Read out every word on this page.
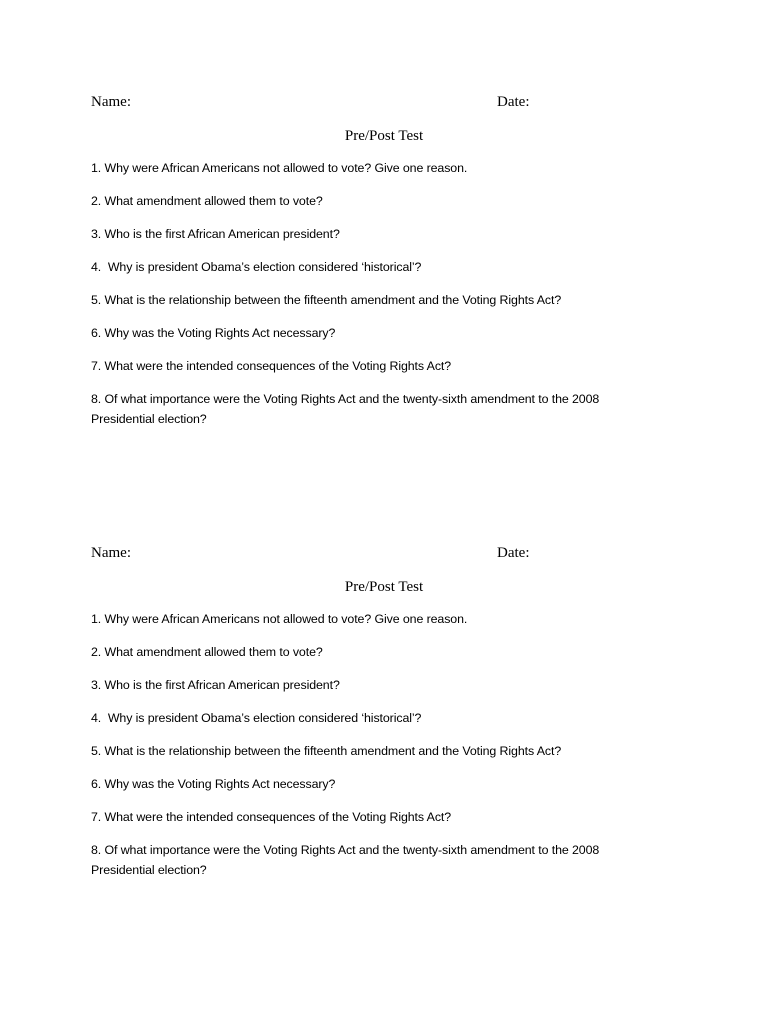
Name:	Date:
Pre/Post Test

1. Why were African Americans not allowed to vote? Give one reason.

2. What amendment allowed them to vote?

3. Who is the first African American president?

4.  Why is president Obama’s election considered ‘historical’?

5. What is the relationship between the fifteenth amendment and the Voting Rights Act?

6. Why was the Voting Rights Act necessary?

7. What were the intended consequences of the Voting Rights Act?

8. Of what importance were the Voting Rights Act and the twenty-sixth amendment to the 2008 Presidential election?

Name:	Date:
Pre/Post Test

1. Why were African Americans not allowed to vote? Give one reason.

2. What amendment allowed them to vote?

3. Who is the first African American president?

4.  Why is president Obama’s election considered ‘historical’?

5. What is the relationship between the fifteenth amendment and the Voting Rights Act?

6. Why was the Voting Rights Act necessary?

7. What were the intended consequences of the Voting Rights Act?

8. Of what importance were the Voting Rights Act and the twenty-sixth amendment to the 2008 Presidential election?
